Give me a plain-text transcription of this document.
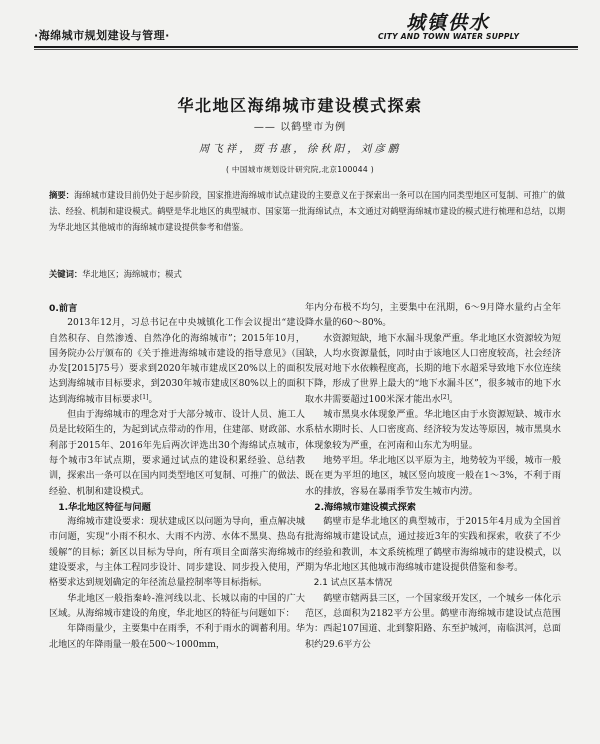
·海绵城市规划建设与管理·
城镇供水
CITY AND TOWN WATER SUPPLY
华北地区海绵城市建设模式探索
—— 以鹤壁市为例
周飞祥，贾书惠，徐秋阳，刘彦鹏
( 中国城市规划设计研究院,北京100044 )
摘要：海绵城市建设目前仍处于起步阶段，国家推进海绵城市试点建设的主要意义在于探索出一条可以在国内同类型地区可复制、可推广的做法、经验、机制和建设模式。鹤壁是华北地区的典型城市、国家第一批海绵试点，本文通过对鹤壁海绵城市建设的模式进行梳理和总结，以期为华北地区其他城市的海绵城市建设提供参考和借鉴。
关键词：华北地区；海绵城市；模式
0.前言

2013年12月，习总书记在中央城镇化工作会议提出“建设自然积存、自然渗透、自然净化的海绵城市”；2015年10月，国务院办公厅颁布的《关于推进海绵城市建设的指导意见》（国办发[2015]75号）要求到2020年城市建成区20%以上的面积达到海绵城市目标要求，到2030年城市建成区80%以上的面积达到海绵城市目标要求[1]。

但由于海绵城市的理念对于大部分城市、设计人员、施工人员是比较陌生的，为起到试点带动的作用，住建部、财政部、水利部于2015年、2016年先后两次评选出30个海绵试点城市，每个城市3年试点期，要求通过试点的建设积累经验、总结教训，探索出一条可以在国内同类型地区可复制、可推广的做法、经验、机制和建设模式。

1.华北地区特征与问题

海绵城市建设要求：现状建成区以问题为导向，重点解决城市问题，实现“小雨不积水、大雨不内涝、水体不黑臭、热岛有缓解”的目标；新区以目标为导向，所有项目全面落实海绵城市建设要求，与主体工程同步设计、同步建设、同步投入使用，严格要求达到规划确定的年径流总量控制率等目标指标。

华北地区一般指秦岭-淮河线以北、长城以南的中国的广大区域。从海绵城市建设的角度，华北地区的特征与问题如下：

年降雨量少，主要集中在雨季，不利于雨水的调蓄利用。华北地区的年降雨量一般在500～1000mm，

年内分布极不均匀，主要集中在汛期，6～9月降水量约占全年降水量的60～80%。

水资源短缺，地下水漏斗现象严重。华北地区水资源较为短缺，人均水资源量低，同时由于该地区人口密度较高，社会经济发展对地下水依赖程度高，长期的地下水超采导致地下水位连续下降，形成了世界上最大的“地下水漏斗区”，很多城市的地下水取水井需要超过100米深才能出水[2]。

城市黑臭水体现象严重。华北地区由于水资源短缺、城市水系枯水期时长、人口密度高、经济较为发达等原因，城市黑臭水体现象较为严重，在河南和山东尤为明显。

地势平坦。华北地区以平原为主，地势较为平缓，城市一般既在更为平坦的地区，城区竖向坡度一般在1～3%，不利于雨水的排放，容易在暴雨季节发生城市内涝。

2.海绵城市建设模式探索

鹤壁市是华北地区的典型城市，于2015年4月成为全国首批海绵城市建设试点，通过接近3年的实践和探索，收获了不少的经验和教训，本文系统梳理了鹤壁市海绵城市的建设模式，以期为华北地区其他城市海绵城市建设提供借鉴和参考。

2.1 试点区基本情况

鹤壁市辖两县三区，一个国家级开发区，一个城乡一体化示范区，总面积为2182平方公里。鹤壁市海绵城市建设试点范围为：西起107国道、北到黎阳路、东至护城河，南临淇河，总面积约29.6平方公
